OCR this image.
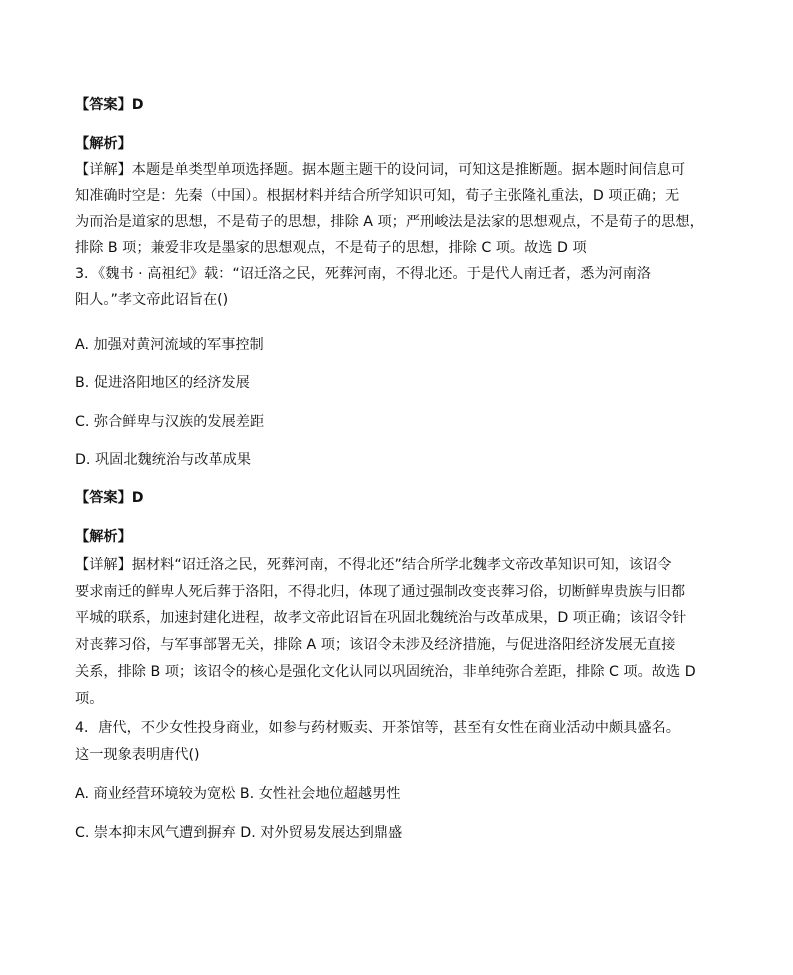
【答案】D
【解析】
【详解】本题是单类型单项选择题。据本题主题干的设问词，可知这是推断题。据本题时间信息可
知准确时空是：先秦（中国）。根据材料并结合所学知识可知，荀子主张隆礼重法，D 项正确；无
为而治是道家的思想，不是荀子的思想，排除 A 项；严刑峻法是法家的思想观点，不是荀子的思想，
排除 B 项；兼爱非攻是墨家的思想观点，不是荀子的思想，排除 C 项。故选 D 项
3．《魏书 · 高祖纪》载：“诏迁洛之民，死葬河南，不得北还。于是代人南迁者，悉为河南洛
阳人。”孝文帝此诏旨在()
A. 加强对黄河流域的军事控制
B. 促进洛阳地区的经济发展
C. 弥合鲜卑与汉族的发展差距
D. 巩固北魏统治与改革成果
【答案】D
【解析】
【详解】据材料“诏迁洛之民，死葬河南，不得北还”结合所学北魏孝文帝改革知识可知，该诏令
要求南迁的鲜卑人死后葬于洛阳，不得北归，体现了通过强制改变丧葬习俗，切断鲜卑贵族与旧都
平城的联系，加速封建化进程，故孝文帝此诏旨在巩固北魏统治与改革成果，D 项正确；该诏令针
对丧葬习俗，与军事部署无关，排除 A 项；该诏令未涉及经济措施，与促进洛阳经济发展无直接
关系，排除 B 项；该诏令的核心是强化文化认同以巩固统治，非单纯弥合差距，排除 C 项。故选 D
项。
4．唐代，不少女性投身商业，如参与药材贩卖、开茶馆等，甚至有女性在商业活动中颇具盛名。
这一现象表明唐代()
A. 商业经营环境较为宽松 B. 女性社会地位超越男性
C. 崇本抑末风气遭到摒弃 D. 对外贸易发展达到鼎盛
